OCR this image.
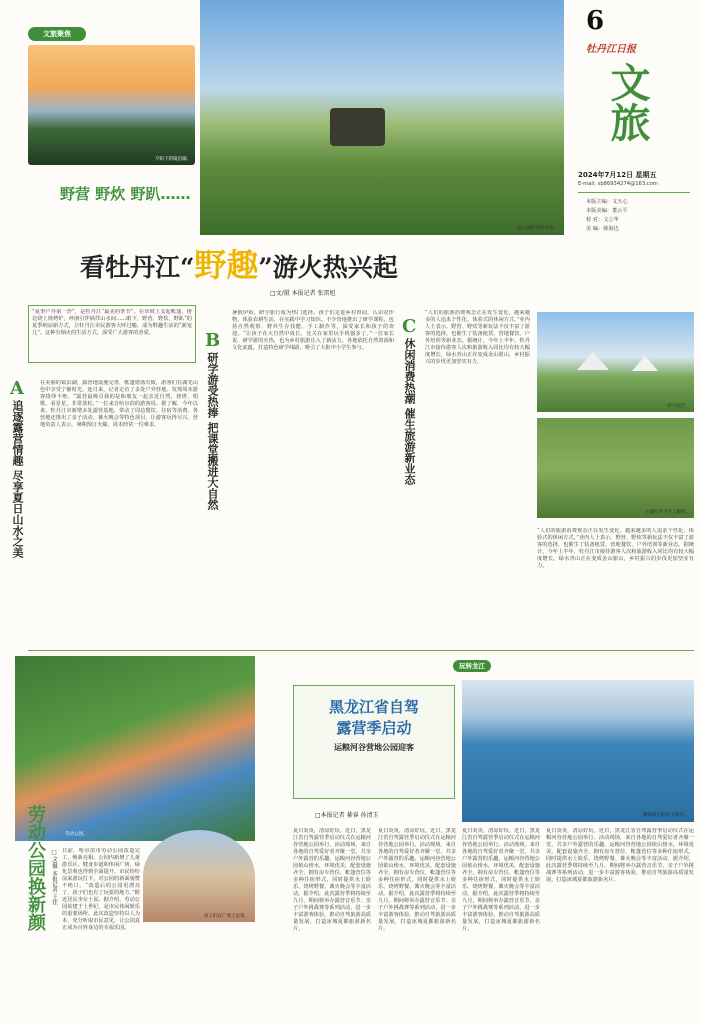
文旅聚焦
夕阳下的镜泊湖。
镜泊湖畔的露营地。
野营 野炊 野趴……
6
牡丹江日报
文旅
2024年7月12日 星期五
E-mail: sb86934274@163.com
本版主编：文天心
本版美编：董云平
校 对：文立华
美 编：韩海达
看牡丹江“野趣”游火热兴起
□文/摄 本报记者 张雷旭
“夏季户外第一炸”，是牡丹江“最美的季节”。在草坡上支起帐篷，傍边烧上烧烤炉，呼朋引伴徜徉山水间……眼下，野营、野炊、野趴“的夏季纳凉新方式，让牡丹江市民游客大呼过瘾，成为野趣生活的“新宠儿”。这种有烟火的生活方式，深受广大游客的喜爱。
A
追逐露营情趣 尽享夏日山水之美
在美丽的镜泊湖，露营地设施完善，帐篷错落有致，游客们在湖光山色中享受宁静时光。连日来，记者走访了多处户外营地，发现周末游客络绎不绝。“露营最吸引我的是和朋友一起亲近自然，烧烤、唱歌、看星星，非常放松。”一位来自哈尔滨的游客说。据了解，今年以来，牡丹江市新增多处露营基地，带动了周边餐饮、住宿等消费。各营地还推出了亲子活动、篝火晚会等特色项目，让游客玩得尽兴。营地负责人表示，暑期预订火爆，周末经常一位难求。
B
研学游受热捧 把课堂搬进大自然
暑假伊始，研学旅行成为热门选择。孩子们走进乡村田园，认识农作物，体验农耕生活，在实践中学习知识。不少营地推出了研学课程，包括自然观察、野外生存技能、手工制作等，深受家长和孩子的欢迎。“让孩子在大自然中成长，比关在家里玩手机强多了。”一位家长说。研学游的火热，也为乡村旅游注入了新活力。各地依托自然资源和文化底蕴，打造特色研学线路，吸引了大批中小学生参与。
C
休闲消费热潮 催生旅游新业态
“人们的旅游消费观念正在发生变化，越来越多的人追求个性化、体验式的休闲方式。”业内人士表示。野营、野炊等新玩法不仅丰富了游客的选择，也催生了装备租赁、营地餐饮、户外培训等新业态。据统计，今年上半年，牡丹江市接待游客人次和旅游收入同比均有较大幅度增长。绿水青山正在变成金山银山，乡村振兴的步伐更加坚实有力。
野外露营。
小朋友学习手工制作。
“人们的旅游消费观念正在发生变化，越来越多的人追求个性化、体验式的休闲方式。”业内人士表示。野营、野炊等新玩法不仅丰富了游客的选择，也催生了装备租赁、营地餐饮、户外培训等新业态。据统计，今年上半年，牡丹江市接待游客人次和旅游收入同比均有较大幅度增长。绿水青山正在变成金山银山，乡村振兴的步伐更加坚实有力。
劳动公园。
孩子们在广场上玩耍。
劳动公园换新颜 □文/摄 本报记者 王佳 日前，哈尔滨市劳动公园改造完工，焕新亮相。公园内新增了儿童游乐区、健身步道和休闲广场，绿化景观也得到全面提升。市民纷纷前来游玩打卡，对公园的新面貌赞不绝口。“改造后的公园更漂亮了，孩子们也有了玩耍的地方。”附近居民李女士说。据介绍，劳动公园始建于上世纪，是市民休闲娱乐的重要场所。此次改造坚持以人为本，充分听取市民意见，让公园真正成为百姓身边的幸福乐园。
玩转龙江
黑龙江省自驾
露营季启动
运粮河谷营地公园迎客
□本报记者 綦睿 孙清玉	精彩纷呈的水上项目。
夏日炎炎，清凉好玩。近日，黑龙江省自驾露营季启动仪式在运粮河谷营地公园举行。活动现场，来自各地的自驾爱好者齐聚一堂，共享户外露营的乐趣。运粮河谷营地公园依山傍水，环境优美，配套设施齐全，拥有房车营位、帐篷营位等多种住宿形式，同时提供水上娱乐、烧烤野餐、篝火晚会等丰富活动。据介绍，此次露营季将持续至九月，期间将举办露营音乐节、亲子户外挑战赛等系列活动，进一步丰富游客体验，推动自驾旅游高质量发展，打造冰城夏都旅游新名片。
夏日炎炎，清凉好玩。近日，黑龙江省自驾露营季启动仪式在运粮河谷营地公园举行。活动现场，来自各地的自驾爱好者齐聚一堂，共享户外露营的乐趣。运粮河谷营地公园依山傍水，环境优美，配套设施齐全，拥有房车营位、帐篷营位等多种住宿形式，同时提供水上娱乐、烧烤野餐、篝火晚会等丰富活动。据介绍，此次露营季将持续至九月，期间将举办露营音乐节、亲子户外挑战赛等系列活动，进一步丰富游客体验，推动自驾旅游高质量发展，打造冰城夏都旅游新名片。
夏日炎炎，清凉好玩。近日，黑龙江省自驾露营季启动仪式在运粮河谷营地公园举行。活动现场，来自各地的自驾爱好者齐聚一堂，共享户外露营的乐趣。运粮河谷营地公园依山傍水，环境优美，配套设施齐全，拥有房车营位、帐篷营位等多种住宿形式，同时提供水上娱乐、烧烤野餐、篝火晚会等丰富活动。据介绍，此次露营季将持续至九月，期间将举办露营音乐节、亲子户外挑战赛等系列活动，进一步丰富游客体验，推动自驾旅游高质量发展，打造冰城夏都旅游新名片。
夏日炎炎，清凉好玩。近日，黑龙江省自驾露营季启动仪式在运粮河谷营地公园举行。活动现场，来自各地的自驾爱好者齐聚一堂，共享户外露营的乐趣。运粮河谷营地公园依山傍水，环境优美，配套设施齐全，拥有房车营位、帐篷营位等多种住宿形式，同时提供水上娱乐、烧烤野餐、篝火晚会等丰富活动。据介绍，此次露营季将持续至九月，期间将举办露营音乐节、亲子户外挑战赛等系列活动，进一步丰富游客体验，推动自驾旅游高质量发展，打造冰城夏都旅游新名片。
